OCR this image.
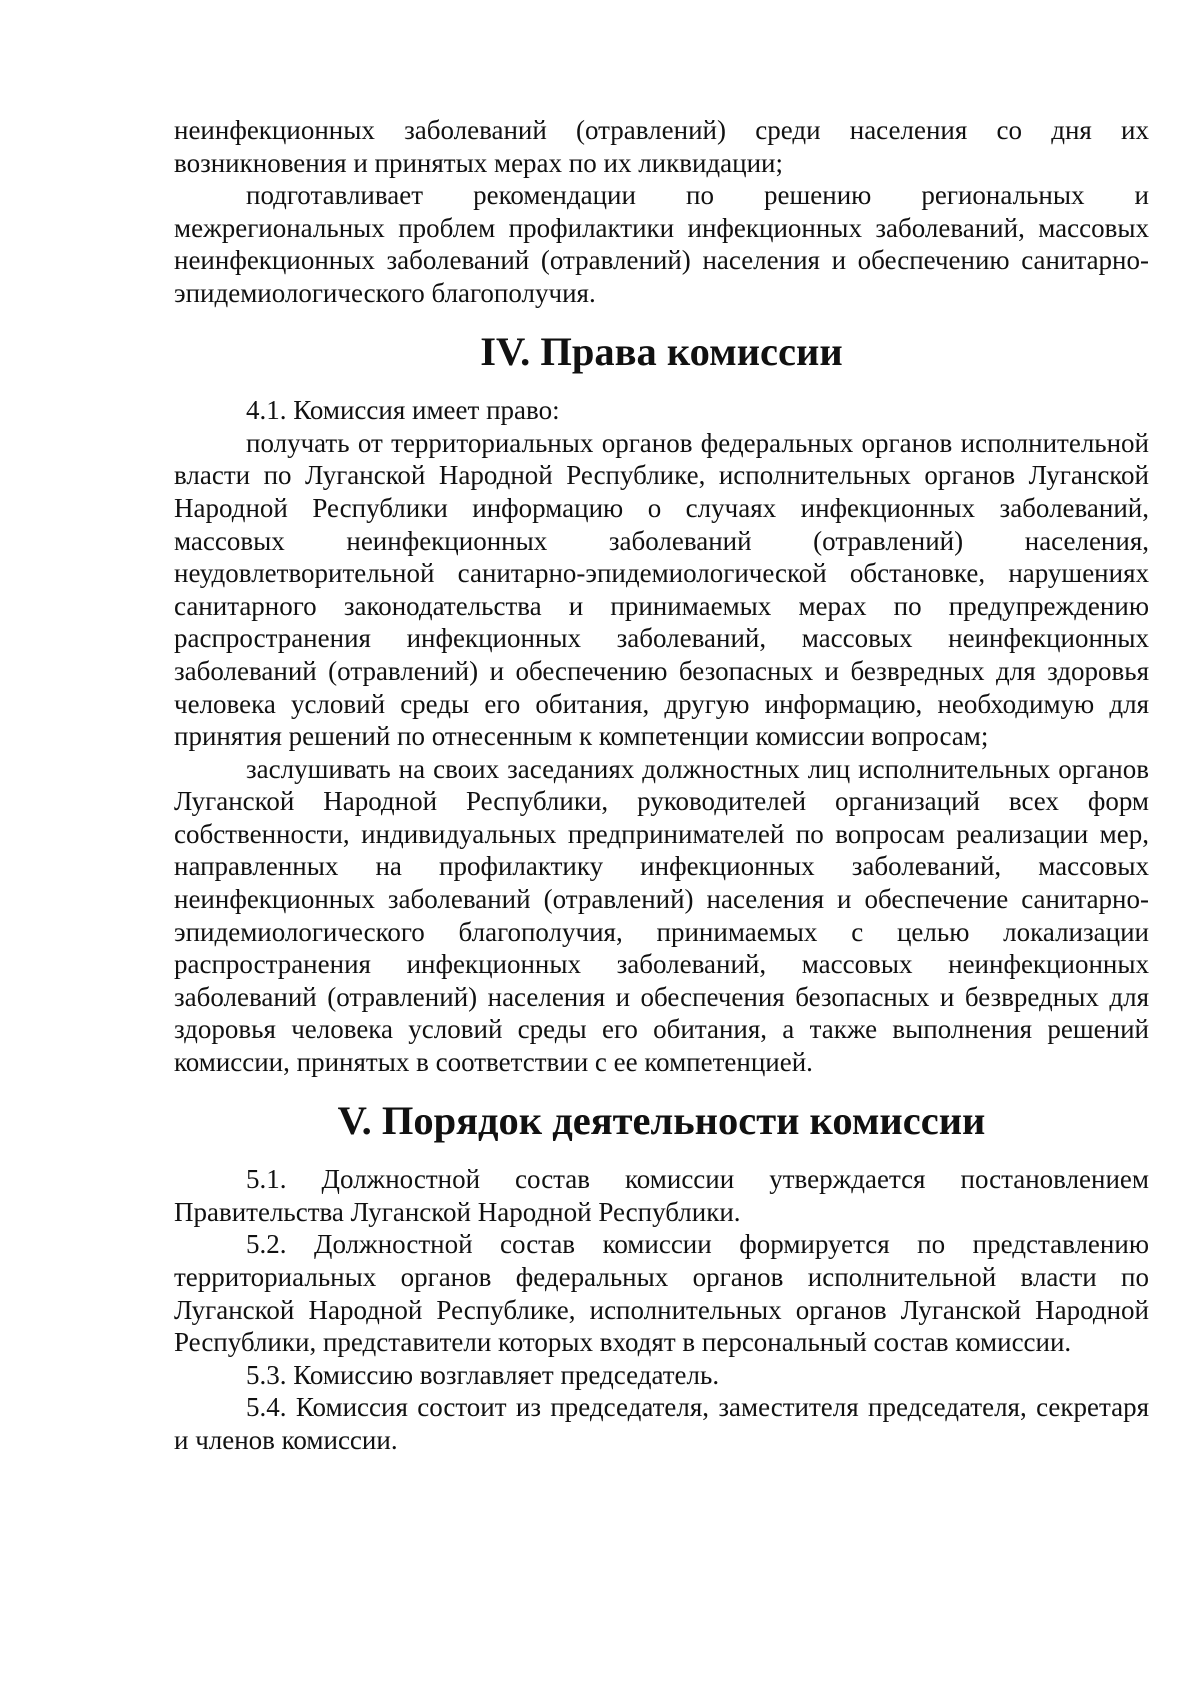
неинфекционных заболеваний (отравлений) среди населения со дня их возникновения и принятых мерах по их ликвидации;

подготавливает рекомендации по решению региональных и межрегиональных проблем профилактики инфекционных заболеваний, массовых неинфекционных заболеваний (отравлений) населения и обеспечению санитарно-эпидемиологического благополучия.

IV. Права комиссии

4.1. Комиссия имеет право:

получать от территориальных органов федеральных органов исполнительной власти по Луганской Народной Республике, исполнительных органов Луганской Народной Республики информацию о случаях инфекционных заболеваний, массовых неинфекционных заболеваний (отравлений) населения, неудовлетворительной санитарно-эпидемиологической обстановке, нарушениях санитарного законодательства и принимаемых мерах по предупреждению распространения инфекционных заболеваний, массовых неинфекционных заболеваний (отравлений) и обеспечению безопасных и безвредных для здоровья человека условий среды его обитания, другую информацию, необходимую для принятия решений по отнесенным к компетенции комиссии вопросам;

заслушивать на своих заседаниях должностных лиц исполнительных органов Луганской Народной Республики, руководителей организаций всех форм собственности, индивидуальных предпринимателей по вопросам реализации мер, направленных на профилактику инфекционных заболеваний, массовых неинфекционных заболеваний (отравлений) населения и обеспечение санитарно-эпидемиологического благополучия, принимаемых с целью локализации распространения инфекционных заболеваний, массовых неинфекционных заболеваний (отравлений) населения и обеспечения безопасных и безвредных для здоровья человека условий среды его обитания, а также выполнения решений комиссии, принятых в соответствии с ее компетенцией.

V. Порядок деятельности комиссии

5.1. Должностной состав комиссии утверждается постановлением Правительства Луганской Народной Республики.

5.2. Должностной состав комиссии формируется по представлению территориальных органов федеральных органов исполнительной власти по Луганской Народной Республике, исполнительных органов Луганской Народной Республики, представители которых входят в персональный состав комиссии.

5.3. Комиссию возглавляет председатель.

5.4. Комиссия состоит из председателя, заместителя председателя, секретаря и членов комиссии.
